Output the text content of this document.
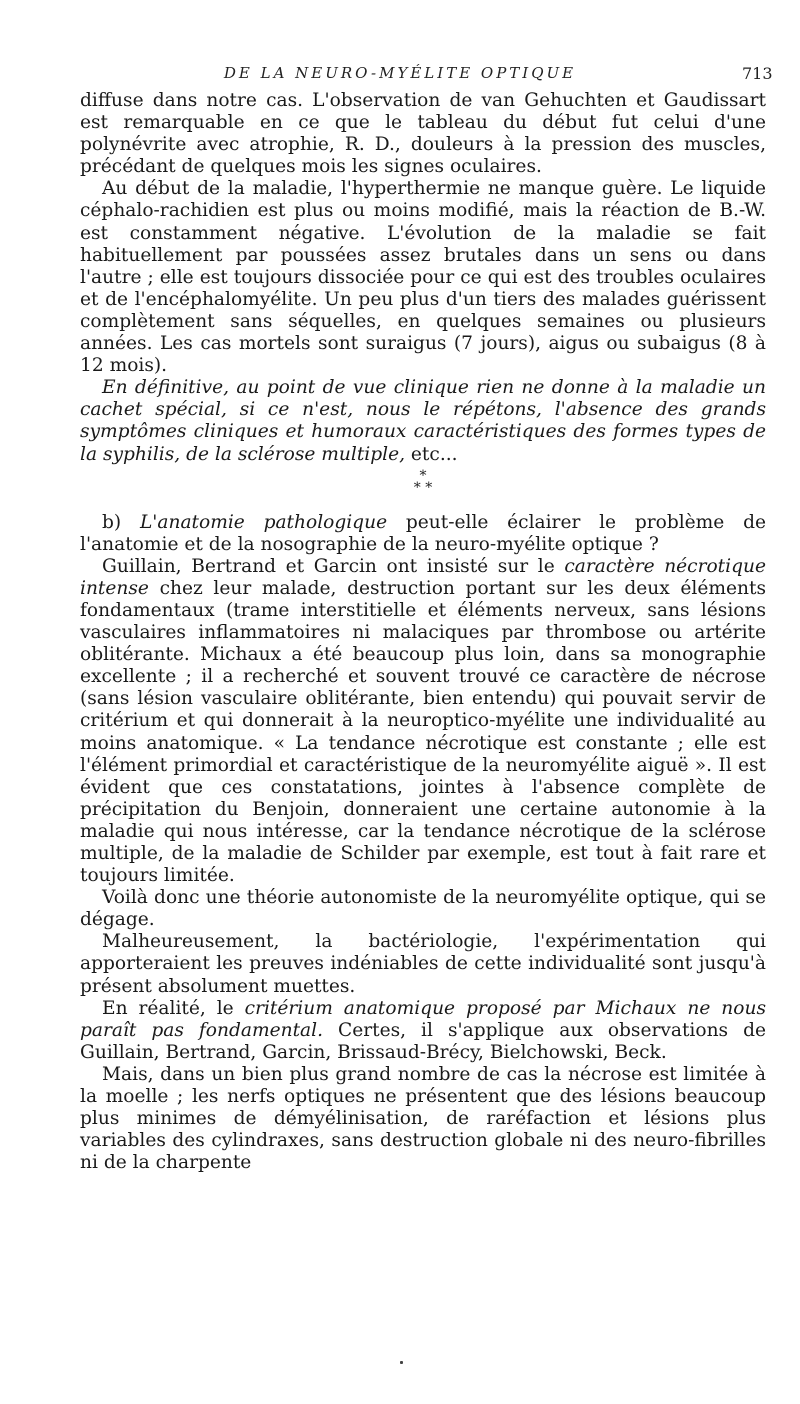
DE LA NEURO-MYÉLITE OPTIQUE	713

diffuse dans notre cas. L'observation de van Gehuchten et Gaudissart est remarquable en ce que le tableau du début fut celui d'une polynévrite avec atrophie, R. D., douleurs à la pression des muscles, précédant de quelques mois les signes oculaires.

Au début de la maladie, l'hyperthermie ne manque guère. Le liquide céphalo-rachidien est plus ou moins modifié, mais la réaction de B.-W. est constamment négative. L'évolution de la maladie se fait habituellement par poussées assez brutales dans un sens ou dans l'autre ; elle est toujours dissociée pour ce qui est des troubles oculaires et de l'encéphalomyélite. Un peu plus d'un tiers des malades guérissent complètement sans séquelles, en quelques semaines ou plusieurs années. Les cas mortels sont suraigus (7 jours), aigus ou subaigus (8 à 12 mois).

En définitive, au point de vue clinique rien ne donne à la maladie un cachet spécial, si ce n'est, nous le répétons, l'absence des grands symptômes cliniques et humoraux caractéristiques des formes types de la syphilis, de la sclérose multiple, etc...

*
* *

b) L'anatomie pathologique peut-elle éclairer le problème de l'anatomie et de la nosographie de la neuro-myélite optique ?

Guillain, Bertrand et Garcin ont insisté sur le caractère nécrotique intense chez leur malade, destruction portant sur les deux éléments fondamentaux (trame interstitielle et éléments nerveux, sans lésions vasculaires inflammatoires ni malaciques par thrombose ou artérite oblitérante. Michaux a été beaucoup plus loin, dans sa monographie excellente ; il a recherché et souvent trouvé ce caractère de nécrose (sans lésion vasculaire oblitérante, bien entendu) qui pouvait servir de critérium et qui donnerait à la neuroptico-myélite une individualité au moins anatomique. « La tendance nécrotique est constante ; elle est l'élément primordial et caractéristique de la neuromyélite aiguë ». Il est évident que ces constatations, jointes à l'absence complète de précipitation du Benjoin, donneraient une certaine autonomie à la maladie qui nous intéresse, car la tendance nécrotique de la sclérose multiple, de la maladie de Schilder par exemple, est tout à fait rare et toujours limitée.

Voilà donc une théorie autonomiste de la neuromyélite optique, qui se dégage.

Malheureusement, la bactériologie, l'expérimentation qui apporteraient les preuves indéniables de cette individualité sont jusqu'à présent absolument muettes.

En réalité, le critérium anatomique proposé par Michaux ne nous paraît pas fondamental. Certes, il s'applique aux observations de Guillain, Bertrand, Garcin, Brissaud-Brécy, Bielchowski, Beck.

Mais, dans un bien plus grand nombre de cas la nécrose est limitée à la moelle ; les nerfs optiques ne présentent que des lésions beaucoup plus minimes de démyélinisation, de raréfaction et lésions plus variables des cylindraxes, sans destruction globale ni des neuro-fibrilles ni de la charpente
